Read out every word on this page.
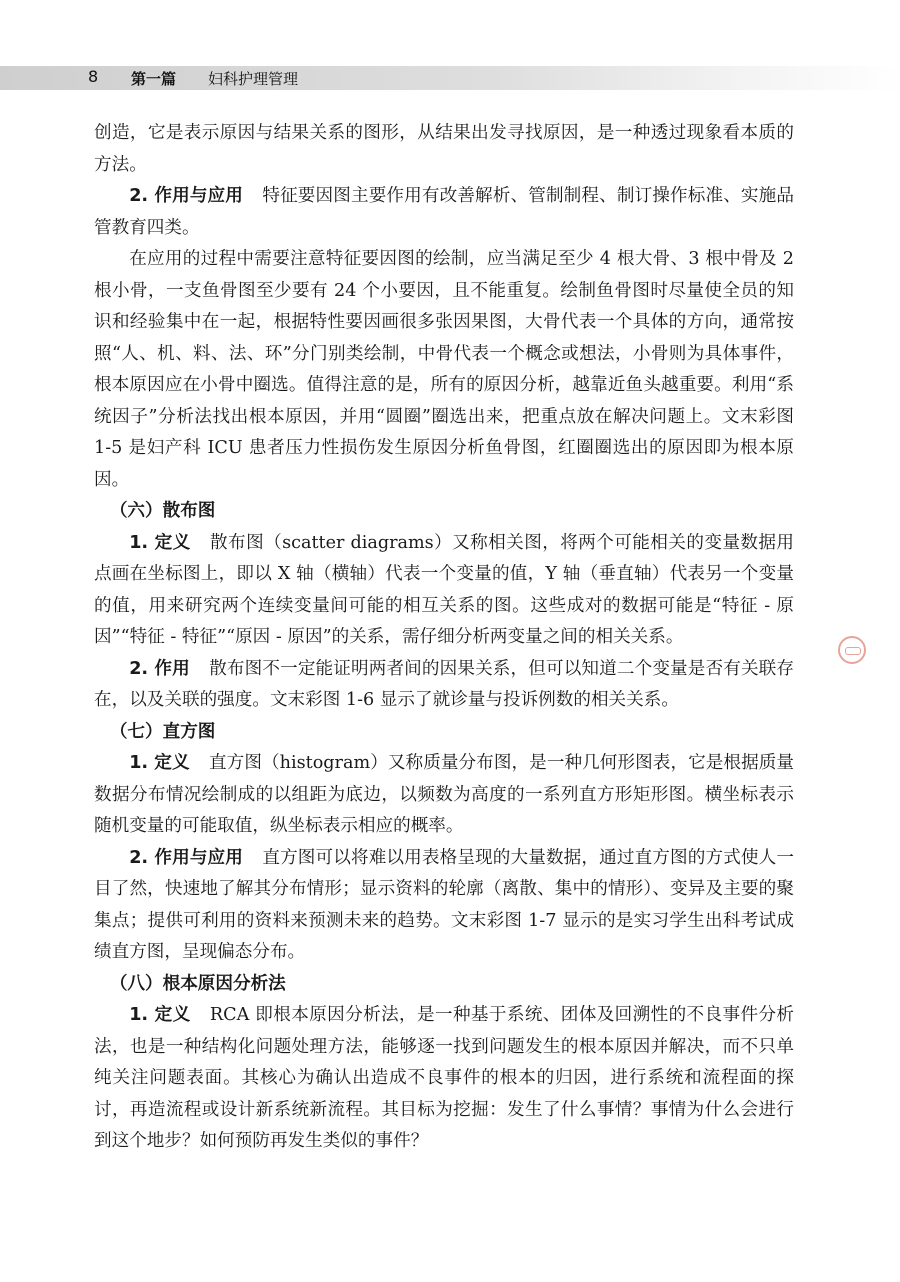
8 第一篇 妇科护理管理

创造，它是表示原因与结果关系的图形，从结果出发寻找原因，是一种透过现象看本质的方法。

2. 作用与应用 特征要因图主要作用有改善解析、管制制程、制订操作标准、实施品管教育四类。

在应用的过程中需要注意特征要因图的绘制，应当满足至少 4 根大骨、3 根中骨及 2 根小骨，一支鱼骨图至少要有 24 个小要因，且不能重复。绘制鱼骨图时尽量使全员的知识和经验集中在一起，根据特性要因画很多张因果图，大骨代表一个具体的方向，通常按照“人、机、料、法、环”分门别类绘制，中骨代表一个概念或想法，小骨则为具体事件，根本原因应在小骨中圈选。值得注意的是，所有的原因分析，越靠近鱼头越重要。利用“系统因子”分析法找出根本原因，并用“圆圈”圈选出来，把重点放在解决问题上。文末彩图 1-5 是妇产科 ICU 患者压力性损伤发生原因分析鱼骨图，红圈圈选出的原因即为根本原因。

（六）散布图

1. 定义 散布图（scatter diagrams）又称相关图，将两个可能相关的变量数据用点画在坐标图上，即以 X 轴（横轴）代表一个变量的值，Y 轴（垂直轴）代表另一个变量的值，用来研究两个连续变量间可能的相互关系的图。这些成对的数据可能是“特征 - 原因”“特征 - 特征”“原因 - 原因”的关系，需仔细分析两变量之间的相关关系。

2. 作用 散布图不一定能证明两者间的因果关系，但可以知道二个变量是否有关联存在，以及关联的强度。文末彩图 1-6 显示了就诊量与投诉例数的相关关系。

（七）直方图

1. 定义 直方图（histogram）又称质量分布图，是一种几何形图表，它是根据质量数据分布情况绘制成的以组距为底边，以频数为高度的一系列直方形矩形图。横坐标表示随机变量的可能取值，纵坐标表示相应的概率。

2. 作用与应用 直方图可以将难以用表格呈现的大量数据，通过直方图的方式使人一目了然，快速地了解其分布情形；显示资料的轮廓（离散、集中的情形）、变异及主要的聚集点；提供可利用的资料来预测未来的趋势。文末彩图 1-7 显示的是实习学生出科考试成绩直方图，呈现偏态分布。

（八）根本原因分析法

1. 定义 RCA 即根本原因分析法，是一种基于系统、团体及回溯性的不良事件分析法，也是一种结构化问题处理方法，能够逐一找到问题发生的根本原因并解决，而不只单纯关注问题表面。其核心为确认出造成不良事件的根本的归因，进行系统和流程面的探讨，再造流程或设计新系统新流程。其目标为挖掘：发生了什么事情？事情为什么会进行到这个地步？如何预防再发生类似的事件？
